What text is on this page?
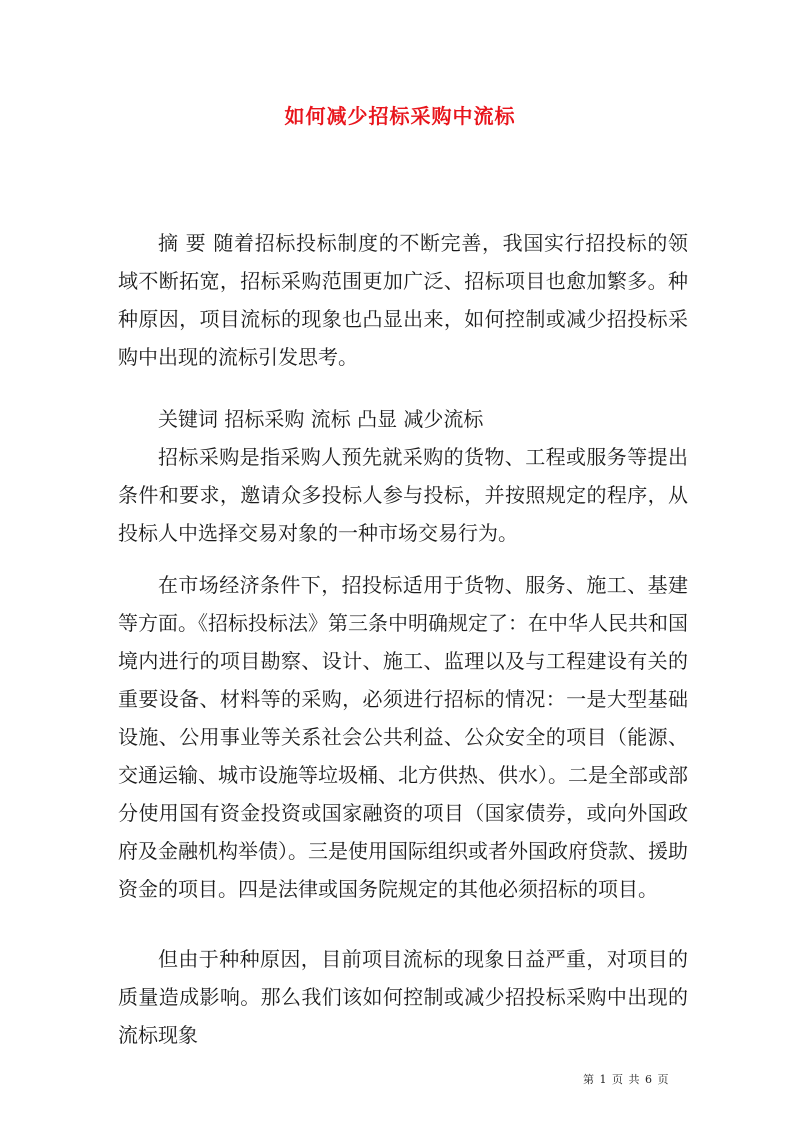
如何减少招标采购中流标

摘 要 随着招标投标制度的不断完善，我国实行招投标的领域不断拓宽，招标采购范围更加广泛、招标项目也愈加繁多。种种原因，项目流标的现象也凸显出来，如何控制或减少招投标采购中出现的流标引发思考。

关键词 招标采购 流标 凸显 减少流标

招标采购是指采购人预先就采购的货物、工程或服务等提出条件和要求，邀请众多投标人参与投标，并按照规定的程序，从投标人中选择交易对象的一种市场交易行为。

在市场经济条件下，招投标适用于货物、服务、施工、基建等方面。《招标投标法》第三条中明确规定了：在中华人民共和国境内进行的项目勘察、设计、施工、监理以及与工程建设有关的重要设备、材料等的采购，必须进行招标的情况：一是大型基础设施、公用事业等关系社会公共利益、公众安全的项目（能源、交通运输、城市设施等垃圾桶、北方供热、供水）。二是全部或部分使用国有资金投资或国家融资的项目（国家债券，或向外国政府及金融机构举债）。三是使用国际组织或者外国政府贷款、援助资金的项目。四是法律或国务院规定的其他必须招标的项目。

但由于种种原因，目前项目流标的现象日益严重，对项目的质量造成影响。那么我们该如何控制或减少招投标采购中出现的流标现象

第 1 页 共 6 页
